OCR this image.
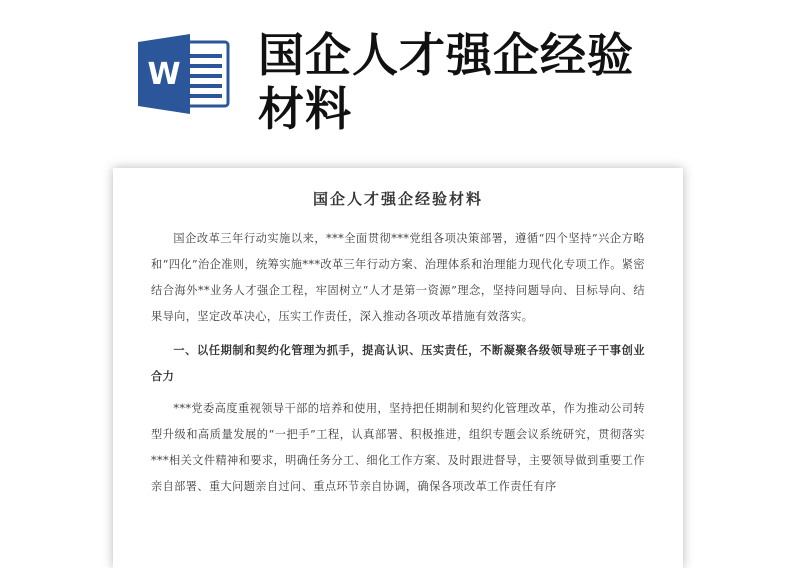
W 国企人才强企经验材料
国企人才强企经验材料

国企改革三年行动实施以来，***全面贯彻***党组各项决策部署，遵循“四个坚持”兴企方略和“四化”治企准则，统筹实施***改革三年行动方案、治理体系和治理能力现代化专项工作。紧密结合海外**业务人才强企工程，牢固树立“人才是第一资源”理念，坚持问题导向、目标导向、结果导向，坚定改革决心，压实工作责任，深入推动各项改革措施有效落实。

一、以任期制和契约化管理为抓手，提高认识、压实责任，不断凝聚各级领导班子干事创业合力

***党委高度重视领导干部的培养和使用，坚持把任期制和契约化管理改革，作为推动公司转型升级和高质量发展的“一把手”工程，认真部署、积极推进，组织专题会议系统研究，贯彻落实***相关文件精神和要求，明确任务分工、细化工作方案、及时跟进督导，主要领导做到重要工作亲自部署、重大问题亲自过问、重点环节亲自协调，确保各项改革工作责任有序
